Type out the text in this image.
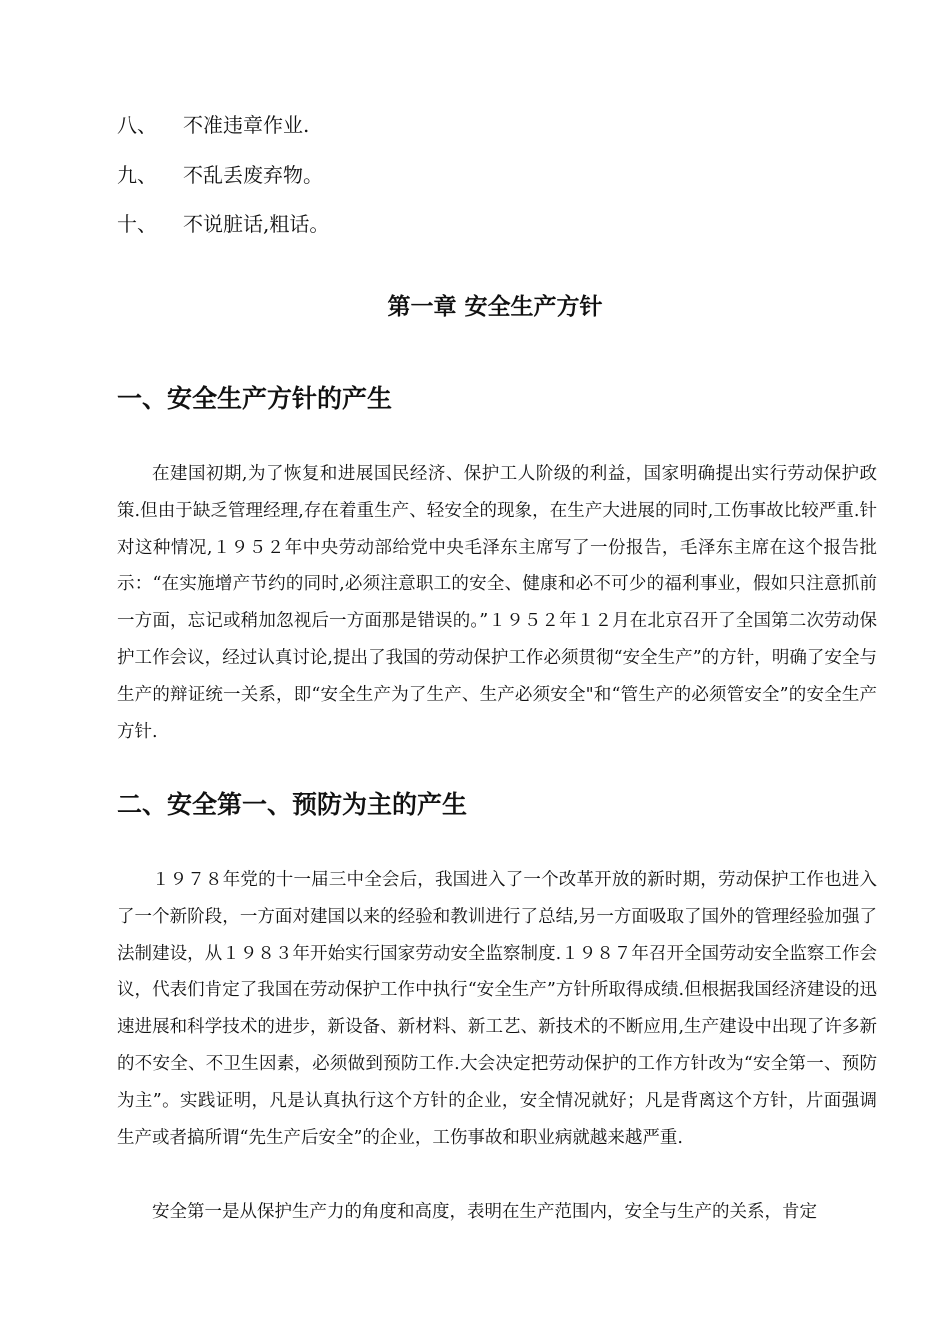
八、 不准违章作业.
九、 不乱丢废弃物。
十、 不说脏话,粗话。
第一章 安全生产方针
一、安全生产方针的产生

在建国初期,为了恢复和进展国民经济、保护工人阶级的利益，国家明确提出实行劳动保护政策.但由于缺乏管理经理,存在着重生产、轻安全的现象，在生产大进展的同时,工伤事故比较严重.针对这种情况,１９５２年中央劳动部给党中央毛泽东主席写了一份报告，毛泽东主席在这个报告批示：“在实施增产节约的同时,必须注意职工的安全、健康和必不可少的福利事业，假如只注意抓前一方面，忘记或稍加忽视后一方面那是错误的。”１９５２年１２月在北京召开了全国第二次劳动保护工作会议，经过认真讨论,提出了我国的劳动保护工作必须贯彻“安全生产”的方针，明确了安全与生产的辩证统一关系，即“安全生产为了生产、生产必须安全"和“管生产的必须管安全”的安全生产方针.

二、安全第一、预防为主的产生

１９７８年党的十一届三中全会后，我国进入了一个改革开放的新时期，劳动保护工作也进入了一个新阶段，一方面对建国以来的经验和教训进行了总结,另一方面吸取了国外的管理经验加强了法制建设，从１９８３年开始实行国家劳动安全监察制度.１９８７年召开全国劳动安全监察工作会议，代表们肯定了我国在劳动保护工作中执行“安全生产”方针所取得成绩.但根据我国经济建设的迅速进展和科学技术的进步，新设备、新材料、新工艺、新技术的不断应用,生产建设中出现了许多新的不安全、不卫生因素，必须做到预防工作.大会决定把劳动保护的工作方针改为“安全第一、预防为主”。实践证明，凡是认真执行这个方针的企业，安全情况就好；凡是背离这个方针，片面强调生产或者搞所谓“先生产后安全”的企业，工伤事故和职业病就越来越严重.

安全第一是从保护生产力的角度和高度，表明在生产范围内，安全与生产的关系，肯定
